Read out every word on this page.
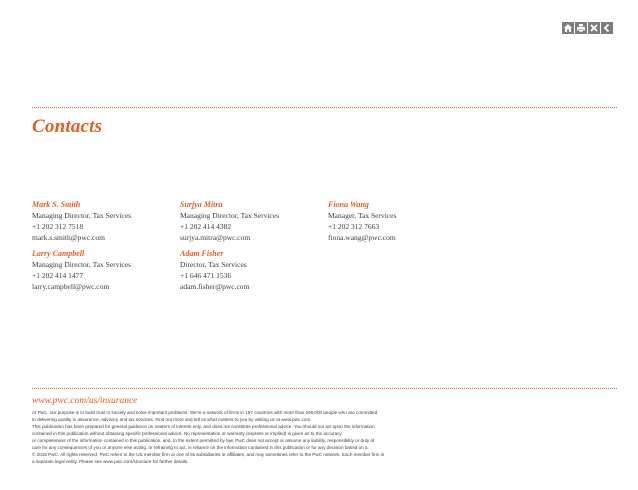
Contacts
Mark S. Smith
Managing Director, Tax Services
+1 202 312 7518
mark.s.smith@pwc.com
Surjya Mitra
Managing Director, Tax Services
+1 202 414 4382
surjya.mitra@pwc.com
Fiona Wang
Manager, Tax Services
+1 202 312 7663
fiona.wang@pwc.com
Larry Campbell
Managing Director, Tax Services
+1 202 414 1477
larry.campbell@pwc.com
Adam Fisher
Director, Tax Services
+1 646 471 1536
adam.fisher@pwc.com
www.pwc.com/us/insurance

At PwC, our purpose is to build trust in society and solve important problems. We're a network of firms in 157 countries with more than 208,000 people who are committed

to delivering quality in assurance, advisory and tax services. Find out more and tell us what matters to you by visiting us at www.pwc.com.

This publication has been prepared for general guidance on matters of interest only, and does not constitute professional advice. You should not act upon the information

contained in this publication without obtaining specific professional advice. No representation or warranty (express or implied) is given as to the accuracy

or completeness of the information contained in this publication, and, to the extent permitted by law, PwC does not accept or assume any liability, responsibility or duty of

care for any consequences of you or anyone else acting, or refraining to act, in reliance on the information contained in this publication or for any decision based on it.

© 2016 PwC. All rights reserved. PwC refers to the US member firm or one of its subsidiaries or affiliates, and may sometimes refer to the PwC network. Each member firm is

a separate legal entity. Please see www.pwc.com/structure for further details.
